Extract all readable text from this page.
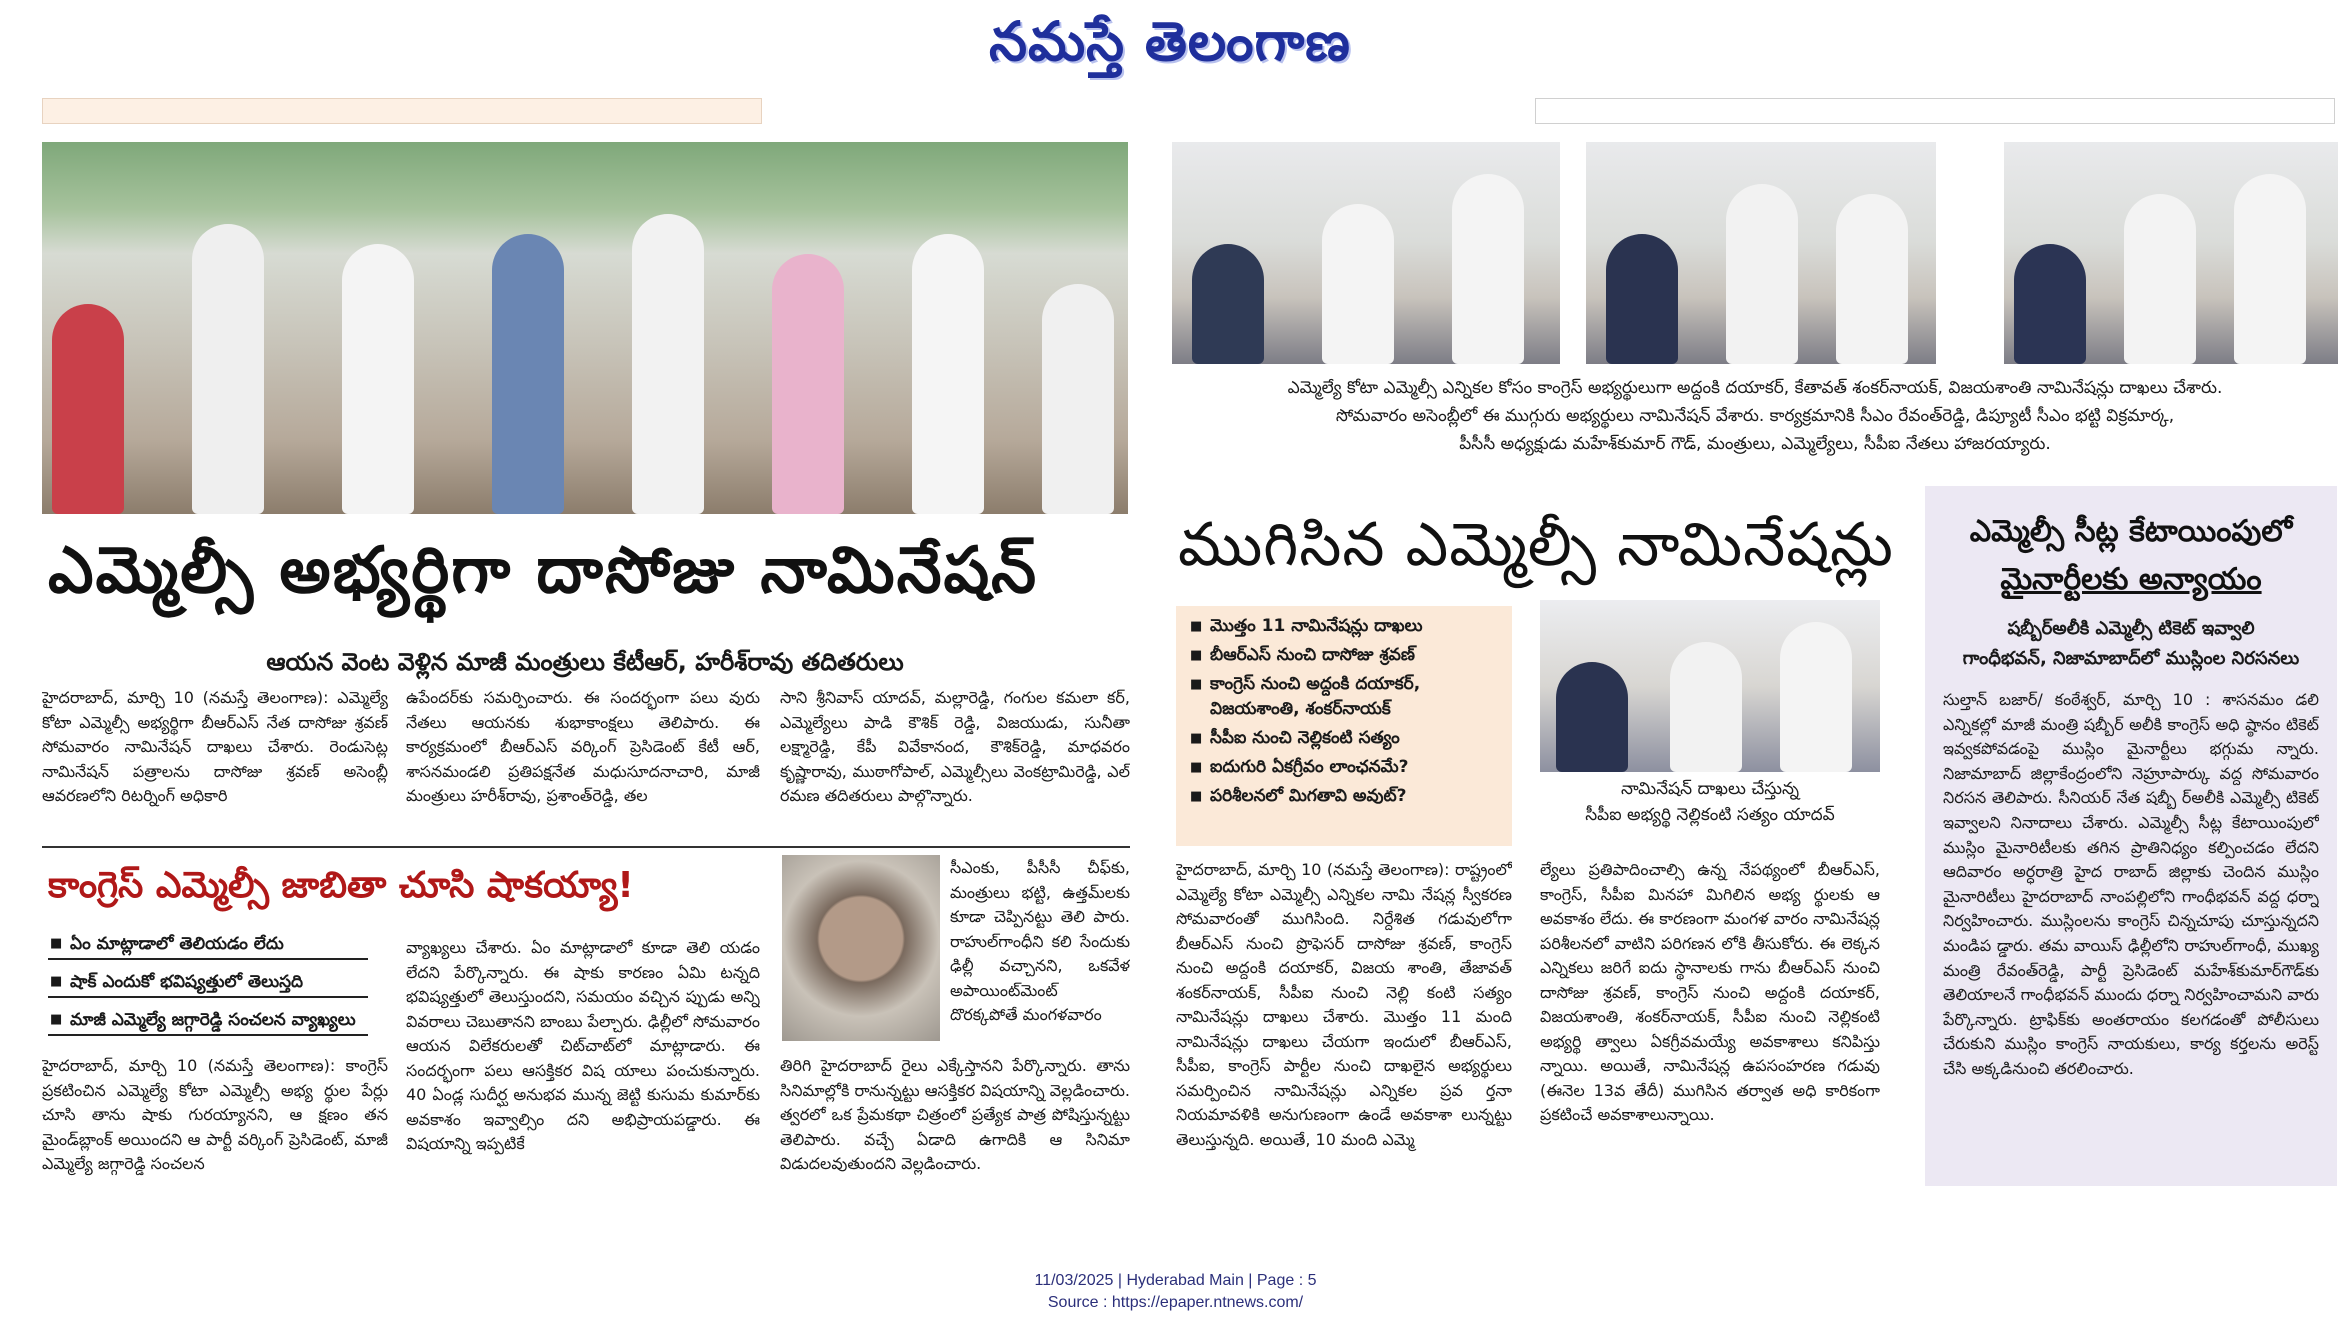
నమస్తే తెలంగాణ
ఎమ్మెల్యే కోటా ఎమ్మెల్సీ ఎన్నికల కోసం కాంగ్రెస్‌ అభ్యర్థులుగా అద్దంకి దయాకర్‌, కేతావత్‌ శంకర్‌నాయక్‌, విజయశాంతి నామినేషన్లు దాఖలు చేశారు.
సోమవారం అసెంబ్లీలో ఈ ముగ్గురు అభ్యర్థులు నామినేషన్‌ వేశారు. కార్యక్రమానికి సీఎం రేవంత్‌రెడ్డి, డిప్యూటీ సీఎం భట్టి విక్రమార్క,
పీసీసీ అధ్యక్షుడు మహేశ్‌కుమార్‌ గౌడ్‌, మంత్రులు, ఎమ్మెల్యేలు, సీపీఐ నేతలు హాజరయ్యారు.
ఎమ్మెల్సీ అభ్యర్థిగా దాసోజు నామినేషన్
ఆయన వెంట వెళ్లిన మాజీ మంత్రులు కేటీఆర్‌, హరీశ్‌రావు తదితరులు
హైదరాబాద్‌, మార్చి 10 (నమస్తే తెలంగాణ): ఎమ్మెల్యే కోటా ఎమ్మెల్సీ అభ్యర్థిగా బీఆర్‌ఎస్‌ నేత దాసోజు శ్రవణ్‌ సోమవారం నామినేషన్‌ దాఖలు చేశారు. రెండుసెట్ల నామినేషన్‌ పత్రాలను దాసోజు శ్రవణ్‌ అసెంబ్లీ ఆవరణలోని రిటర్నింగ్‌ అధికారి
ఉపేందర్‌కు సమర్పించారు. ఈ సందర్భంగా పలు వురు నేతలు ఆయనకు శుభాకాంక్షలు తెలిపారు. ఈ కార్యక్రమంలో బీఆర్‌ఎస్‌ వర్కింగ్‌ ప్రెసిడెంట్‌ కేటీ ఆర్‌, శాసనమండలి ప్రతిపక్షనేత మధుసూదనాచారి, మాజీ మంత్రులు హరీశ్‌రావు, ప్రశాంత్‌రెడ్డి, తల
సాని శ్రీనివాస్‌ యాదవ్‌, మల్లారెడ్డి, గంగుల కమలా కర్‌, ఎమ్మెల్యేలు పాడి కౌశిక్‌ రెడ్డి, విజయుడు, సునీతా లక్ష్మారెడ్డి, కేపీ వివేకానంద, కౌశిక్‌రెడ్డి, మాధవరం కృష్ణారావు, ముఠాగోపాల్‌, ఎమ్మెల్సీలు వెంకట్రామిరెడ్డి, ఎల్‌ రమణ తదితరులు పాల్గొన్నారు.
కాంగ్రెస్‌ ఎమ్మెల్సీ జాబితా చూసి షాకయ్యా!
■ ఏం మాట్లాడాలో తెలియడం లేదు
■ షాక్‌ ఎందుకో భవిష్యత్తులో తెలుస్తది
■ మాజీ ఎమ్మెల్యే జగ్గారెడ్డి సంచలన వ్యాఖ్యలు
హైదరాబాద్‌, మార్చి 10 (నమస్తే తెలంగాణ): కాంగ్రెస్‌ ప్రకటించిన ఎమ్మెల్యే కోటా ఎమ్మెల్సీ అభ్య ర్థుల పేర్లు చూసి తాను షాకు గురయ్యానని, ఆ క్షణం తన మైండ్‌బ్లాంక్‌ అయిందని ఆ పార్టీ వర్కింగ్‌ ప్రెసిడెంట్‌, మాజీ ఎమ్మెల్యే జగ్గారెడ్డి సంచలన
వ్యాఖ్యలు చేశారు. ఏం మాట్లాడాలో కూడా తెలి యడం లేదని పేర్కొన్నారు. ఈ షాకు కారణం ఏమి టన్నది భవిష్యత్తులో తెలుస్తుందని, సమయం వచ్చిన ప్పుడు అన్ని వివరాలు చెబుతానని బాంబు పేల్చారు. ఢిల్లీలో సోమవారం ఆయన విలేకరులతో చిట్‌చాట్‌లో మాట్లాడారు. ఈ సందర్భంగా పలు ఆసక్తికర విష యాలు పంచుకున్నారు. 40 ఏండ్ల సుదీర్ఘ అనుభవ మున్న జెట్టి కుసుమ కుమార్‌కు అవకాశం ఇవ్వాల్సిం దని అభిప్రాయపడ్డారు. ఈ విషయాన్ని ఇప్పటికే
సీఎంకు, పీసీసీ చీఫ్‌కు, మంత్రులు భట్టి, ఉత్తమ్‌లకు కూడా చెప్పినట్టు తెలి పారు. రాహుల్‌గాంధీని కలి సేందుకు ఢిల్లీ వచ్చానని, ఒకవేళ అపాయింట్‌మెంట్‌ దొరక్కపోతే మంగళవారం
తిరిగి హైదరాబాద్‌ రైలు ఎక్కేస్తానని పేర్కొన్నారు. తాను సినిమాల్లోకి రానున్నట్టు ఆసక్తికర విషయాన్ని వెల్లడించారు. త్వరలో ఒక ప్రేమకథా చిత్రంలో ప్రత్యేక పాత్ర పోషిస్తున్నట్టు తెలిపారు. వచ్చే ఏడాది ఉగాదికి ఆ సినిమా విడుదలవుతుందని వెల్లడించారు.
ముగిసిన ఎమ్మెల్సీ నామినేషన్లు
■ మొత్తం 11 నామినేషన్లు దాఖలు
■ బీఆర్‌ఎస్‌ నుంచి దాసోజు శ్రవణ్‌
■ కాంగ్రెస్‌ నుంచి అద్దంకి దయాకర్‌, విజయశాంతి, శంకర్‌నాయక్‌
■ సీపీఐ నుంచి నెల్లికంటి సత్యం
■ ఐదుగురి ఏకగ్రీవం లాంఛనమే?
■ పరిశీలనలో మిగతావి అవుట్‌?	నామినేషన్‌ దాఖలు చేస్తున్న
సీపీఐ అభ్యర్థి నెల్లికంటి సత్యం యాదవ్‌
హైదరాబాద్‌, మార్చి 10 (నమస్తే తెలంగాణ): రాష్ట్రంలో ఎమ్మెల్యే కోటా ఎమ్మెల్సీ ఎన్నికల నామి నేషన్ల స్వీకరణ సోమవారంతో ముగిసింది. నిర్దేశిత గడువులోగా బీఆర్‌ఎస్‌ నుంచి ప్రొఫెసర్‌ దాసోజు శ్రవణ్‌, కాంగ్రెస్‌ నుంచి అద్దంకి దయాకర్‌, విజయ శాంతి, తేజావత్‌ శంకర్‌నాయక్‌, సీపీఐ నుంచి నెల్లి కంటి సత్యం నామినేషన్లు దాఖలు చేశారు. మొత్తం 11 మంది నామినేషన్లు దాఖలు చేయగా ఇందులో బీఆర్‌ఎస్‌, సీపీఐ, కాంగ్రెస్‌ పార్టీల నుంచి దాఖలైన అభ్యర్థులు సమర్పించిన నామినేషన్లు ఎన్నికల ప్రవ ర్తనా నియమావళికి అనుగుణంగా ఉండే అవకాశా లున్నట్టు తెలుస్తున్నది. అయితే, 10 మంది ఎమ్మె
ల్యేలు ప్రతిపాదించాల్సి ఉన్న నేపథ్యంలో బీఆర్‌ఎస్‌, కాంగ్రెస్‌, సీపీఐ మినహా మిగిలిన అభ్య ర్థులకు ఆ అవకాశం లేదు. ఈ కారణంగా మంగళ వారం నామినేషన్ల పరిశీలనలో వాటిని పరిగణన లోకి తీసుకోరు. ఈ లెక్కన ఎన్నికలు జరిగే ఐదు స్థానాలకు గాను బీఆర్‌ఎస్‌ నుంచి దాసోజు శ్రవణ్‌, కాంగ్రెస్‌ నుంచి అద్దంకి దయాకర్‌, విజయశాంతి, శంకర్‌నాయక్‌, సీపీఐ నుంచి నెల్లికంటి అభ్యర్థి త్వాలు ఏకగ్రీవమయ్యే అవకాశాలు కనిపిస్తు న్నాయి. అయితే, నామినేషన్ల ఉపసంహరణ గడువు (ఈనెల 13వ తేదీ) ముగిసిన తర్వాత అధి కారికంగా ప్రకటించే అవకాశాలున్నాయి.
ఎమ్మెల్సీ సీట్ల కేటాయింపులో
మైనార్టీలకు అన్యాయం
షబ్బీర్‌అలీకి ఎమ్మెల్సీ టికెట్‌ ఇవ్వాలి
గాంధీభవన్‌, నిజామాబాద్‌లో ముస్లింల నిరసనలు
సుల్తాన్‌ బజార్‌/ కంఠేశ్వర్‌, మార్చి 10 : శాసనమం డలి ఎన్నికల్లో మాజీ మంత్రి షబ్బీర్‌ అలీకి కాంగ్రెస్‌ అధి ష్ఠానం టికెట్‌ ఇవ్వకపోవడంపై ముస్లిం మైనార్టీలు భగ్గుమ న్నారు. నిజామాబాద్‌ జిల్లాకేంద్రంలోని నెహ్రూపార్కు వద్ద సోమవారం నిరసన తెలిపారు. సీనియర్‌ నేత షబ్బీ ర్‌అలీకి ఎమ్మెల్సీ టికెట్‌ ఇవ్వాలని నినాదాలు చేశారు. ఎమ్మెల్సీ సీట్ల కేటాయింపులో ముస్లిం మైనారిటీలకు తగిన ప్రాతినిధ్యం కల్పించడం లేదని ఆదివారం అర్ధరాత్రి హైద రాబాద్‌ జిల్లాకు చెందిన ముస్లిం మైనారిటీలు హైదరాబాద్‌ నాంపల్లిలోని గాంధీభవన్‌ వద్ద ధర్నా నిర్వహించారు. ముస్లింలను కాంగ్రెస్‌ చిన్నచూపు చూస్తున్నదని మండిప డ్డారు. తమ వాయిస్‌ ఢిల్లీలోని రాహుల్‌గాంధీ, ముఖ్య మంత్రి రేవంత్‌రెడ్డి, పార్టీ ప్రెసిడెంట్‌ మహేశ్‌కుమార్‌గౌడ్‌కు తెలియాలనే గాంధీభవన్‌ ముందు ధర్నా నిర్వహించామని వారు పేర్కొన్నారు. ట్రాఫిక్‌కు అంతరాయం కలగడంతో పోలీసులు చేరుకుని ముస్లిం కాంగ్రెస్‌ నాయకులు, కార్య కర్తలను అరెస్ట్‌ చేసి అక్కడినుంచి తరలించారు.
11/03/2025 | Hyderabad Main | Page : 5
Source : https://epaper.ntnews.com/
